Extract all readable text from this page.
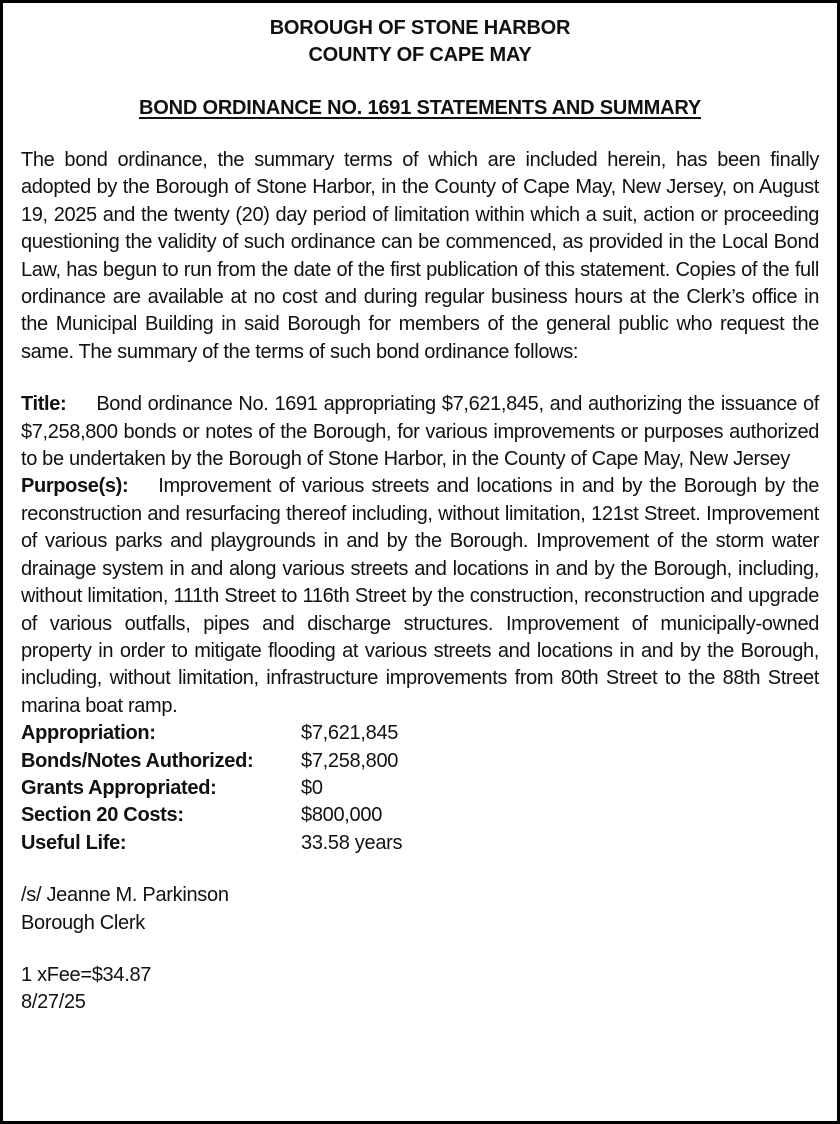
BOROUGH OF STONE HARBOR
COUNTY OF CAPE MAY
BOND ORDINANCE NO. 1691 STATEMENTS AND SUMMARY
The bond ordinance, the summary terms of which are included herein, has been finally adopted by the Borough of Stone Harbor, in the County of Cape May, New Jersey, on August 19, 2025 and the twenty (20) day period of limitation within which a suit, action or proceeding questioning the validity of such ordinance can be commenced, as provided in the Local Bond Law, has begun to run from the date of the first publication of this statement. Copies of the full ordinance are available at no cost and during regular business hours at the Clerk’s office in the Municipal Building in said Borough for members of the general public who request the same. The summary of the terms of such bond ordinance follows:
Title: Bond ordinance No. 1691 appropriating $7,621,845, and authorizing the issuance of $7,258,800 bonds or notes of the Borough, for various improvements or purposes authorized to be undertaken by the Borough of Stone Harbor, in the County of Cape May, New Jersey
Purpose(s): Improvement of various streets and locations in and by the Borough by the reconstruction and resurfacing thereof including, without limitation, 121st Street. Improvement of various parks and playgrounds in and by the Borough. Improvement of the storm water drainage system in and along various streets and locations in and by the Borough, including, without limitation, 111th Street to 116th Street by the construction, reconstruction and upgrade of various outfalls, pipes and discharge structures. Improvement of municipally-owned property in order to mitigate flooding at various streets and locations in and by the Borough, including, without limitation, infrastructure improvements from 80th Street to the 88th Street marina boat ramp.
Appropriation:	$7,621,845
Bonds/Notes Authorized:	$7,258,800
Grants Appropriated:	$0
Section 20 Costs:	$800,000
Useful Life:	33.58 years
/s/ Jeanne M. Parkinson
Borough Clerk
1 xFee=$34.87
8/27/25
